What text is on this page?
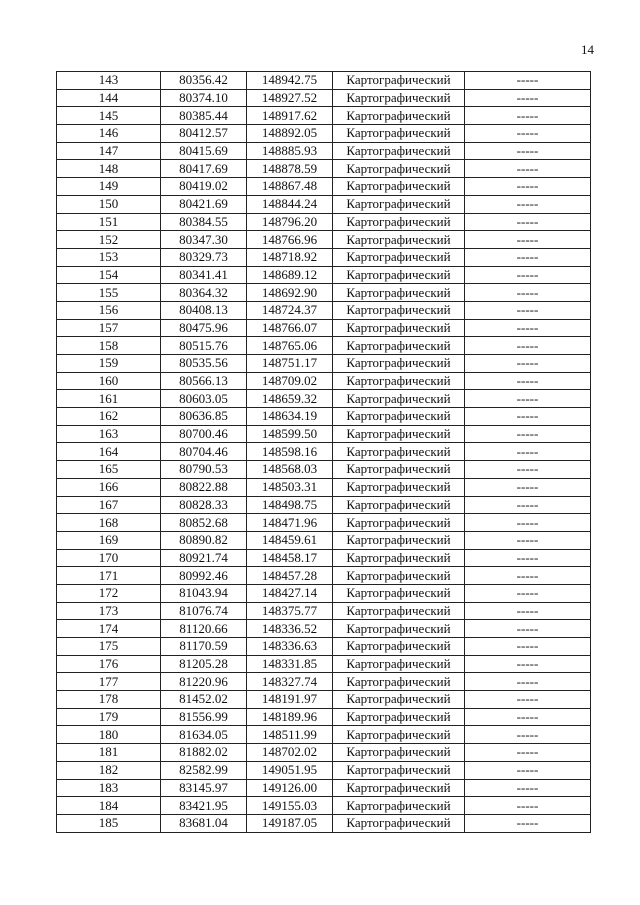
14
143	80356.42	148942.75	Картографический	-----
144	80374.10	148927.52	Картографический	-----
145	80385.44	148917.62	Картографический	-----
146	80412.57	148892.05	Картографический	-----
147	80415.69	148885.93	Картографический	-----
148	80417.69	148878.59	Картографический	-----
149	80419.02	148867.48	Картографический	-----
150	80421.69	148844.24	Картографический	-----
151	80384.55	148796.20	Картографический	-----
152	80347.30	148766.96	Картографический	-----
153	80329.73	148718.92	Картографический	-----
154	80341.41	148689.12	Картографический	-----
155	80364.32	148692.90	Картографический	-----
156	80408.13	148724.37	Картографический	-----
157	80475.96	148766.07	Картографический	-----
158	80515.76	148765.06	Картографический	-----
159	80535.56	148751.17	Картографический	-----
160	80566.13	148709.02	Картографический	-----
161	80603.05	148659.32	Картографический	-----
162	80636.85	148634.19	Картографический	-----
163	80700.46	148599.50	Картографический	-----
164	80704.46	148598.16	Картографический	-----
165	80790.53	148568.03	Картографический	-----
166	80822.88	148503.31	Картографический	-----
167	80828.33	148498.75	Картографический	-----
168	80852.68	148471.96	Картографический	-----
169	80890.82	148459.61	Картографический	-----
170	80921.74	148458.17	Картографический	-----
171	80992.46	148457.28	Картографический	-----
172	81043.94	148427.14	Картографический	-----
173	81076.74	148375.77	Картографический	-----
174	81120.66	148336.52	Картографический	-----
175	81170.59	148336.63	Картографический	-----
176	81205.28	148331.85	Картографический	-----
177	81220.96	148327.74	Картографический	-----
178	81452.02	148191.97	Картографический	-----
179	81556.99	148189.96	Картографический	-----
180	81634.05	148511.99	Картографический	-----
181	81882.02	148702.02	Картографический	-----
182	82582.99	149051.95	Картографический	-----
183	83145.97	149126.00	Картографический	-----
184	83421.95	149155.03	Картографический	-----
185	83681.04	149187.05	Картографический	-----
